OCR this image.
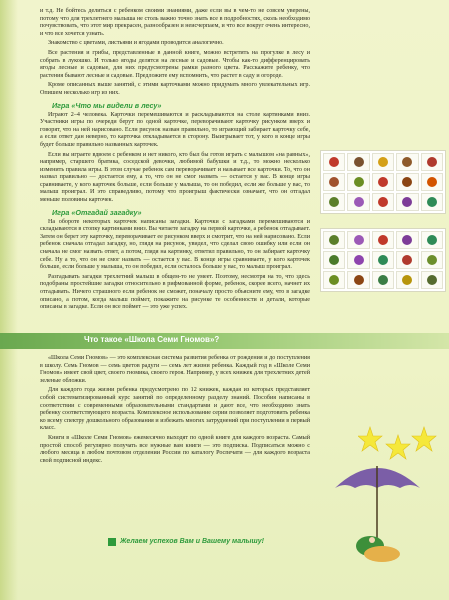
и т.д. Не бойтесь делиться с ребенком своими знаниями, даже если вы в чем-то не совсем уверены, потому что для трехлетнего малыша не столь важно точно знать все в подробностях, сколь необходимо почувствовать, что этот мир прекрасен, разнообразен и неисчерпаем, и что все вокруг очень интересно, и что все хочется узнать.

Знакомство с цветами, листьями и ягодами проводится аналогично.

Все растения и грибы, представленные в данной книге, можно встретить на прогулке в лесу и собрать в лукошко. И только ягоды делятся на лесные и садовые. Чтобы как-то дифференцировать ягоды лесные и садовые, для них предусмотрены рамки разного цвета. Расскажите ребенку, что растения бывают лесные и садовые. Предложите ему вспомнить, что растет в саду и огороде.

Кроме описанных выше занятий, с этими карточками можно придумать много увлекательных игр. Опишем несколько игр из них.

Игра «Что мы видели в лесу»

Играют 2–4 человека. Карточки перемешиваются и раскладываются на столе картинками вниз. Участники игры по очереди берут по одной карточке, переворачивают карточку рисунком вверх и говорят, что на ней нарисовано. Если рисунок назван правильно, то играющий забирает карточку себе, а если ответ дан неверно, то карточка откладывается в сторону. Выигрывает тот, у кого в конце игры будет больше правильно названных карточек.

Если вы играете вдвоем с ребенком и нет никого, кто был бы готов играть с малышом «на равных», например, старшего братика, соседской девочки, любимой бабушки и т.д., то можно несколько изменить правила игры. В этом случае ребенок сам переворачивает и называет все карточки. То, что он назвал правильно — достается ему, а то, что он не смог назвать — остается у вас. В конце игры сравниваете, у кого карточек больше, если больше у малыша, то он победил, если же больше у вас, то малыш проиграл. И это справедливо, потому что проигрыш фактически означает, что он отгадал меньше половины карточек.

Игра «Отгадай загадку»

На обороте некоторых карточек написаны загадки. Карточки с загадками перемешиваются и складываются в стопку картинками вниз. Вы читаете загадку на первой карточке, а ребенок отгадывает. Затем он берет эту карточку, переворачивает ее рисунком вверх и смотрит, что на ней нарисовано. Если ребенок сначала отгадал загадку, но, глядя на рисунок, увидел, что сделал свою ошибку или если он сначала не смог назвать ответ, а потом, глядя на картинку, ответил правильно, то он забирает карточку себе. Ну а то, что он не смог назвать — остается у вас. В конце игры сравниваете, у кого карточек больше, если больше у малыша, то он победил, если осталось больше у вас, то малыш проиграл.

Разгадывать загадки трехлетний малыш в общем-то не умеет. Поэтому, несмотря на то, что здесь подобраны простейшие загадки относительно в рифмованной форме, ребенок, скорее всего, начнет их отгадывать. Ничего страшного если ребенок не сможет, поначалу просто объясните ему, что в загадке описано, а потом, когда малыш поймет, покажите на рисунке те особенности и детали, которые описаны в загадке. Если он все поймет — это уже успех.

Что такое «Школа Семи Гномов»?

«Школа Семи Гномов» — это комплексная система развития ребенка от рождения и до поступления в школу. Семь Гномов — семь цветов радуги — семь лет жизни ребенка. Каждый год в «Школе Семи Гномов» имеет свой цвет, своего гномика, своего героя. Например, у всех книжек для трехлетних детей зеленые обложки.

Для каждого года жизни ребенка предусмотрено по 12 книжек, каждая из которых представляет собой систематизированный курс занятий по определенному разделу знаний. Пособия написаны в соответствии с современными образовательными стандартами и дают все, что необходимо знать ребенку соответствующего возраста. Комплексное использование серии позволяет подготовить ребенка ко всему спектру дошкольного образования и избежать многих затруднений при поступлении в первый класс.

Книги в «Школе Семи Гномов» ежемесячно выходят по одной книге для каждого возраста. Самый простой способ регулярно получать все нужные вам книги — это подписка. Подписаться можно с любого месяца в любом почтовом отделении России по каталогу Роспечати — для каждого возраста свой подписной индекс.

Желаем успехов Вам и Вашему малышу!
